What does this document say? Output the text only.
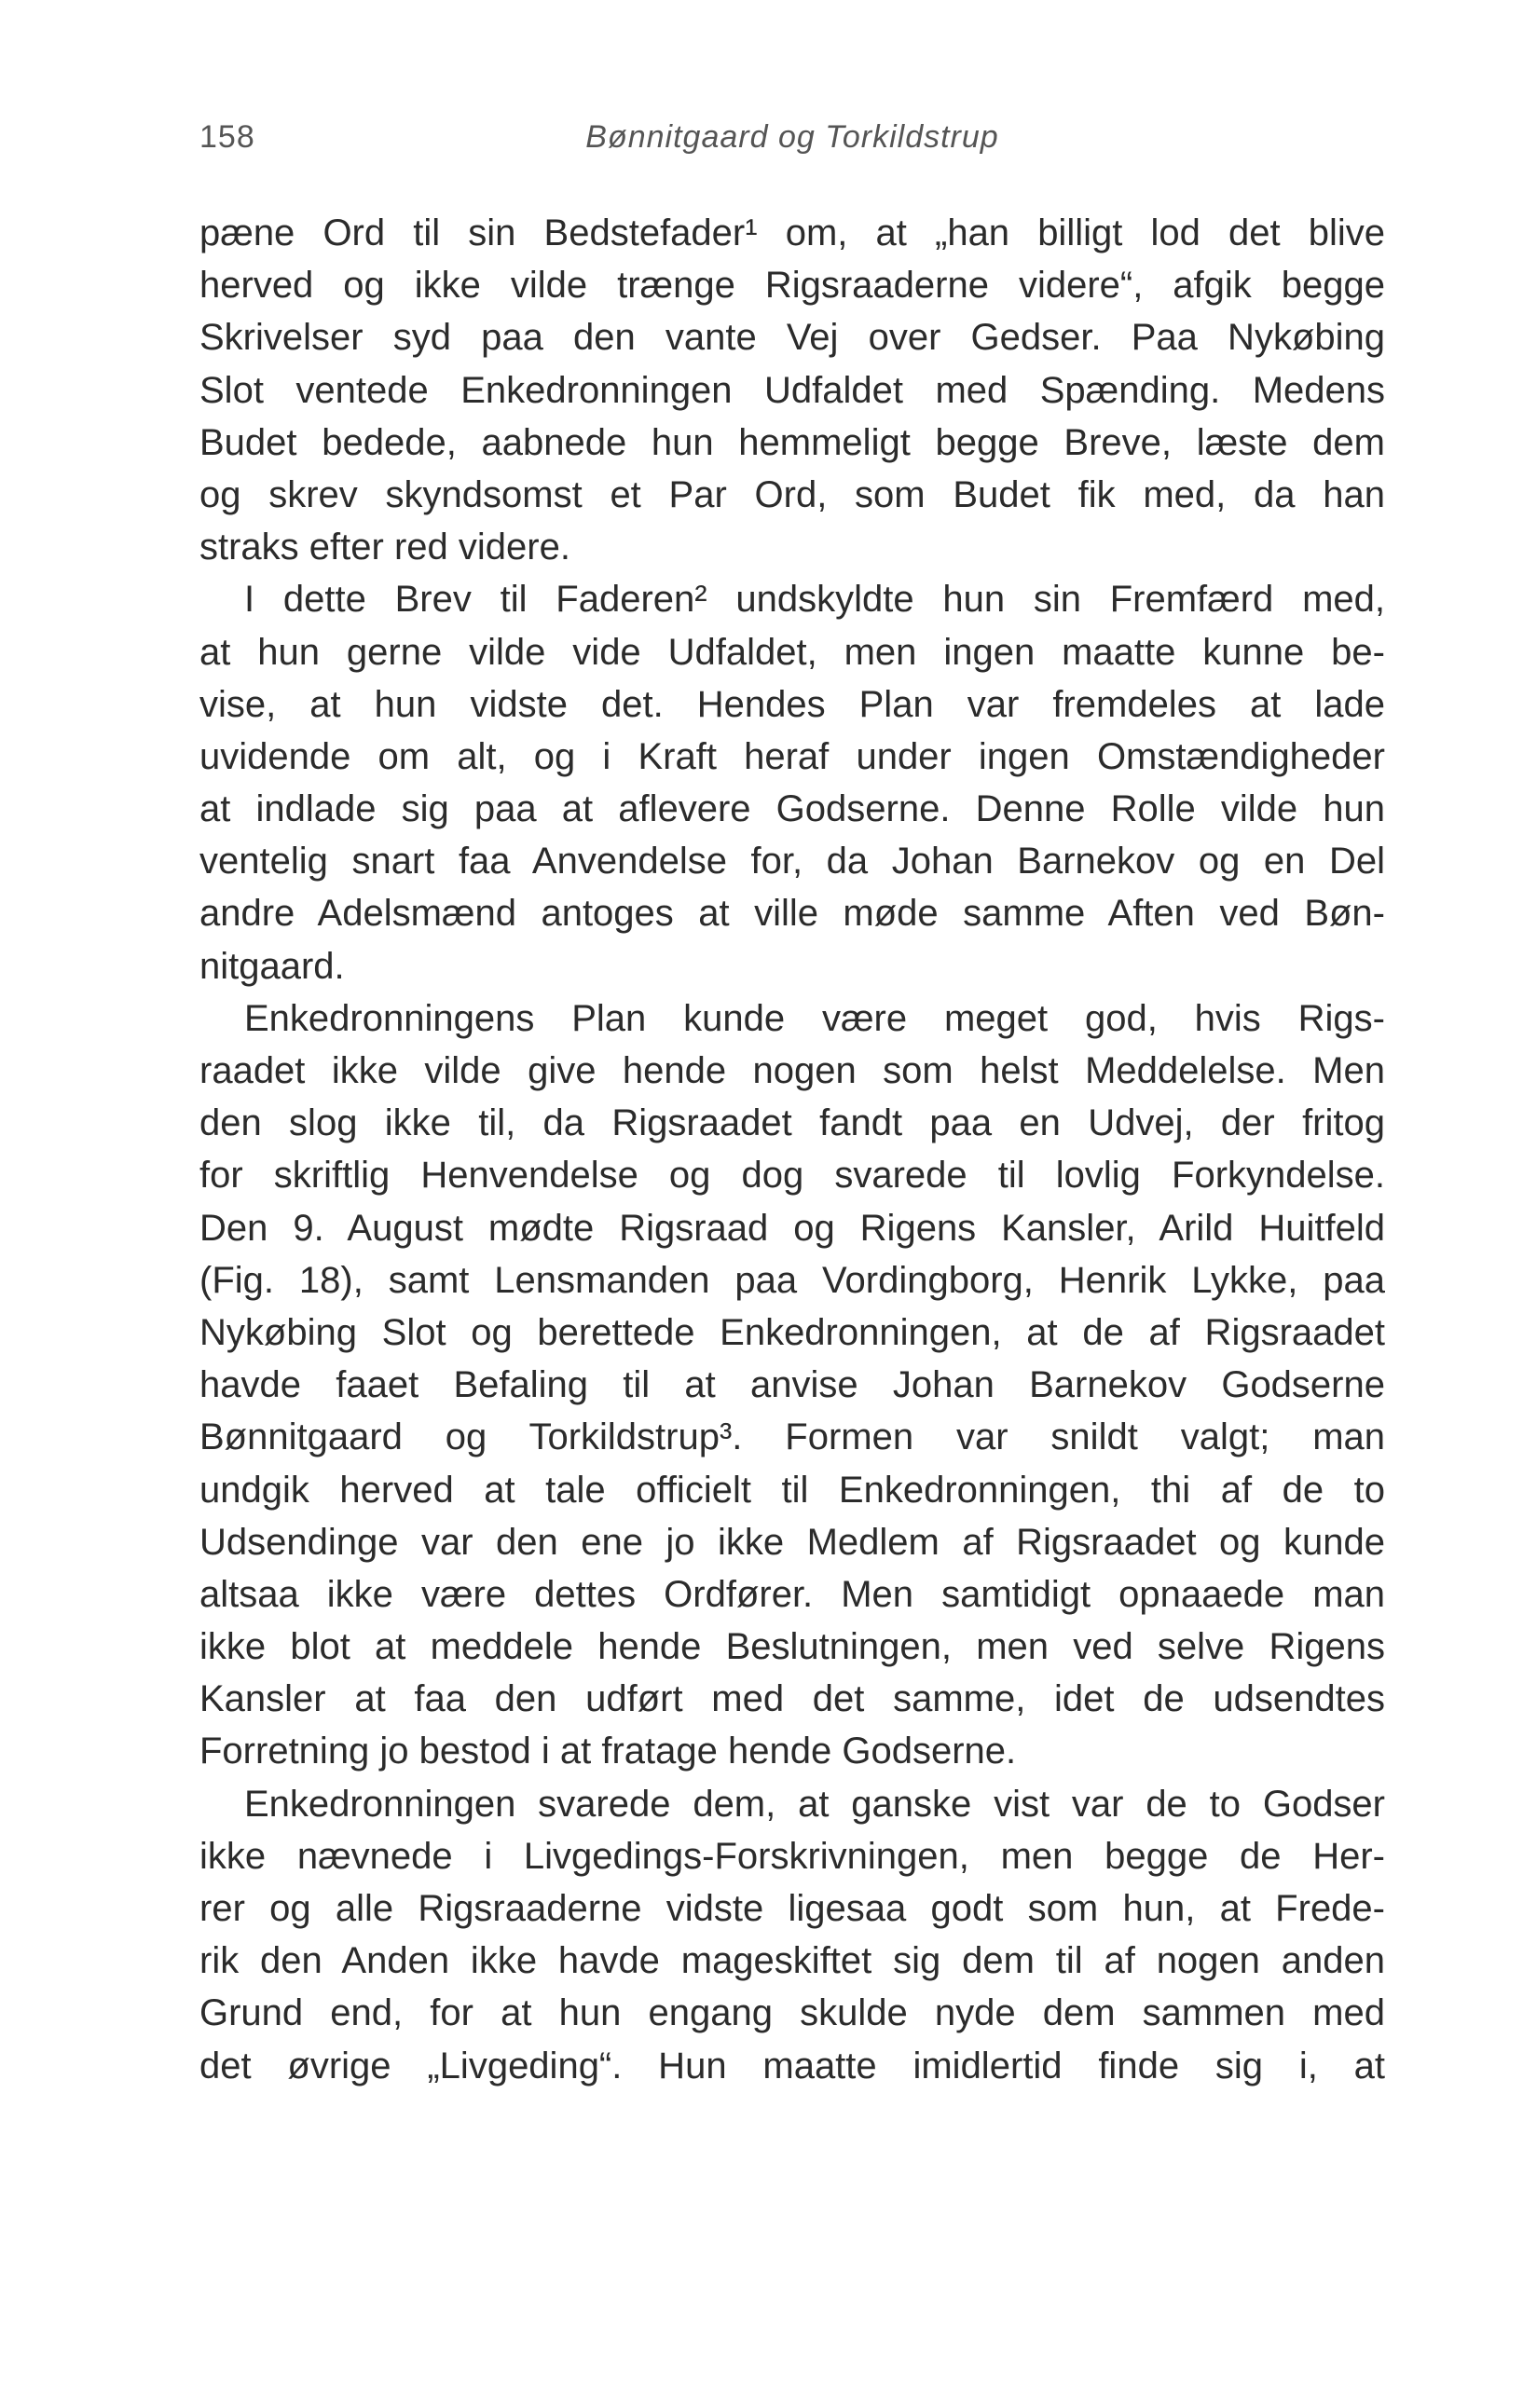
158	Bønnitgaard og Torkildstrup
pæne Ord til sin Bedstefader¹ om, at „han billigt lod det blive
herved og ikke vilde trænge Rigsraaderne videre“, afgik begge
Skrivelser syd paa den vante Vej over Gedser. Paa Nykøbing
Slot ventede Enkedronningen Udfaldet med Spænding. Medens
Budet bedede, aabnede hun hemmeligt begge Breve, læste dem
og skrev skyndsomst et Par Ord, som Budet fik med, da han
straks efter red videre.
I dette Brev til Faderen² undskyldte hun sin Fremfærd med,
at hun gerne vilde vide Udfaldet, men ingen maatte kunne be-
vise, at hun vidste det. Hendes Plan var fremdeles at lade
uvidende om alt, og i Kraft heraf under ingen Omstændigheder
at indlade sig paa at aflevere Godserne. Denne Rolle vilde hun
ventelig snart faa Anvendelse for, da Johan Barnekov og en Del
andre Adelsmænd antoges at ville møde samme Aften ved Bøn-
nitgaard.
Enkedronningens Plan kunde være meget god, hvis Rigs-
raadet ikke vilde give hende nogen som helst Meddelelse. Men
den slog ikke til, da Rigsraadet fandt paa en Udvej, der fritog
for skriftlig Henvendelse og dog svarede til lovlig Forkyndelse.
Den 9. August mødte Rigsraad og Rigens Kansler, Arild Huitfeld
(Fig. 18), samt Lensmanden paa Vordingborg, Henrik Lykke, paa
Nykøbing Slot og berettede Enkedronningen, at de af Rigsraadet
havde faaet Befaling til at anvise Johan Barnekov Godserne
Bønnitgaard og Torkildstrup³. Formen var snildt valgt; man
undgik herved at tale officielt til Enkedronningen, thi af de to
Udsendinge var den ene jo ikke Medlem af Rigsraadet og kunde
altsaa ikke være dettes Ordfører. Men samtidigt opnaaede man
ikke blot at meddele hende Beslutningen, men ved selve Rigens
Kansler at faa den udført med det samme, idet de udsendtes
Forretning jo bestod i at fratage hende Godserne.
Enkedronningen svarede dem, at ganske vist var de to Godser
ikke nævnede i Livgedings-Forskrivningen, men begge de Her-
rer og alle Rigsraaderne vidste ligesaa godt som hun, at Frede-
rik den Anden ikke havde mageskiftet sig dem til af nogen anden
Grund end, for at hun engang skulde nyde dem sammen med
det øvrige „Livgeding“. Hun maatte imidlertid finde sig i, at
